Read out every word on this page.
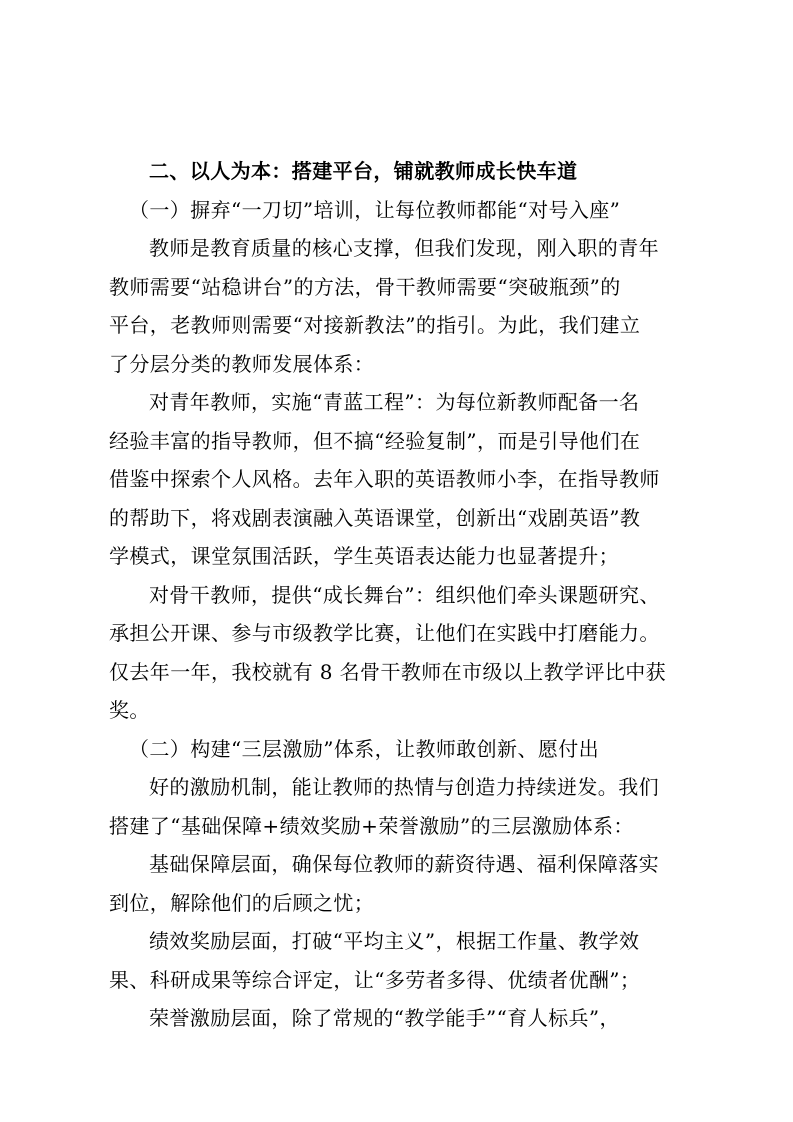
二、以人为本：搭建平台，铺就教师成长快车道
（一）摒弃“一刀切”培训，让每位教师都能“对号入座”
教师是教育质量的核心支撑，但我们发现，刚入职的青年
教师需要“站稳讲台”的方法，骨干教师需要“突破瓶颈”的
平台，老教师则需要“对接新教法”的指引。为此，我们建立
了分层分类的教师发展体系：
对青年教师，实施“青蓝工程”：为每位新教师配备一名
经验丰富的指导教师，但不搞“经验复制”，而是引导他们在
借鉴中探索个人风格。去年入职的英语教师小李，在指导教师
的帮助下，将戏剧表演融入英语课堂，创新出“戏剧英语”教
学模式，课堂氛围活跃，学生英语表达能力也显著提升；
对骨干教师，提供“成长舞台”：组织他们牵头课题研究、
承担公开课、参与市级教学比赛，让他们在实践中打磨能力。
仅去年一年，我校就有 8 名骨干教师在市级以上教学评比中获
奖。
（二）构建“三层激励”体系，让教师敢创新、愿付出
好的激励机制，能让教师的热情与创造力持续迸发。我们
搭建了“基础保障+绩效奖励+荣誉激励”的三层激励体系：
基础保障层面，确保每位教师的薪资待遇、福利保障落实
到位，解除他们的后顾之忧；
绩效奖励层面，打破“平均主义”，根据工作量、教学效
果、科研成果等综合评定，让“多劳者多得、优绩者优酬”；
荣誉激励层面，除了常规的“教学能手”“育人标兵”，
